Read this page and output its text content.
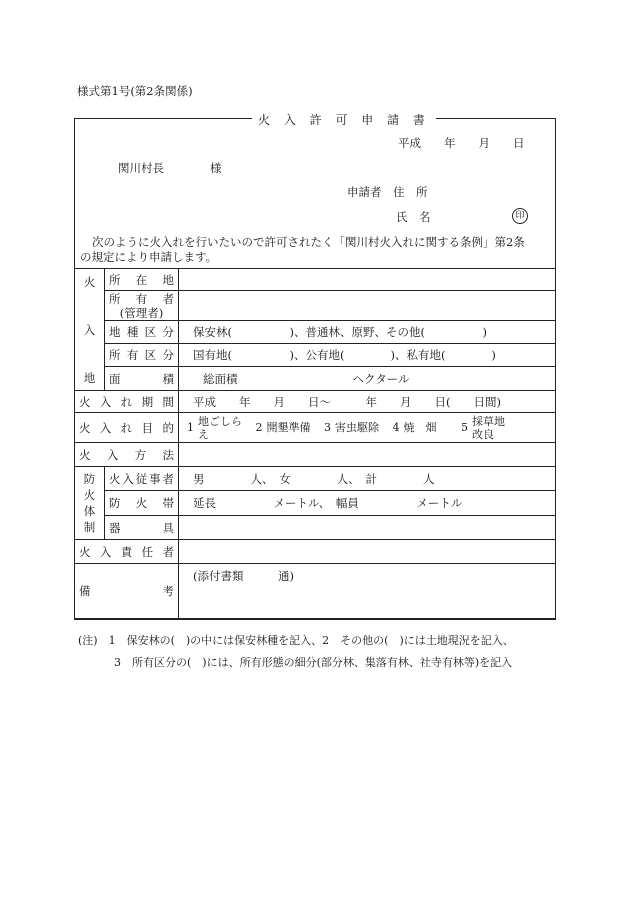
様式第1号(第2条関係)
火 入 許 可 申 請 書
平成　　年　　月　　日
関川村長　　　　様
申請者　住　所
氏　名	印
次のように火入れを行いたいので許可されたく「関川村火入れに関する条例」第2条
の規定により申請します。
火
入
地	所　在　地	

	所　有　者
(管理者)	

	地 種 区 分	保安林(　　　　　)、普通林、原野、その他(　　　　　)
	所 有 区 分	国有地(　　　　　)、公有地(　　　　)、私有地(　　　　)
	面　　　積	総面積　　　　　　　　　　ヘクタール
火 入 れ 期 間		平成　　年　　月　　日〜　　　年　　月　　日(　　日間)
火 入 れ 目 的		1 地ごしらえ 2 開墾準備 3 害虫駆除 4 焼　畑 5 採草地改良
火　入　方　法		

防
火
体
制	火入従事者	男　　　　人、　女　　　　人、　計　　　　人
	防　火　帯	延長　　　　　メートル、　幅員　　　　　メートル
	器　　　具	
火 入 責 任 者		

備 考		(添付書類　　　通)
(注)　1　保安林の(　)の中には保安林種を記入、2　その他の(　)には土地現況を記入、
3　所有区分の(　)には、所有形態の細分(部分林、集落有林、社寺有林等)を記入
